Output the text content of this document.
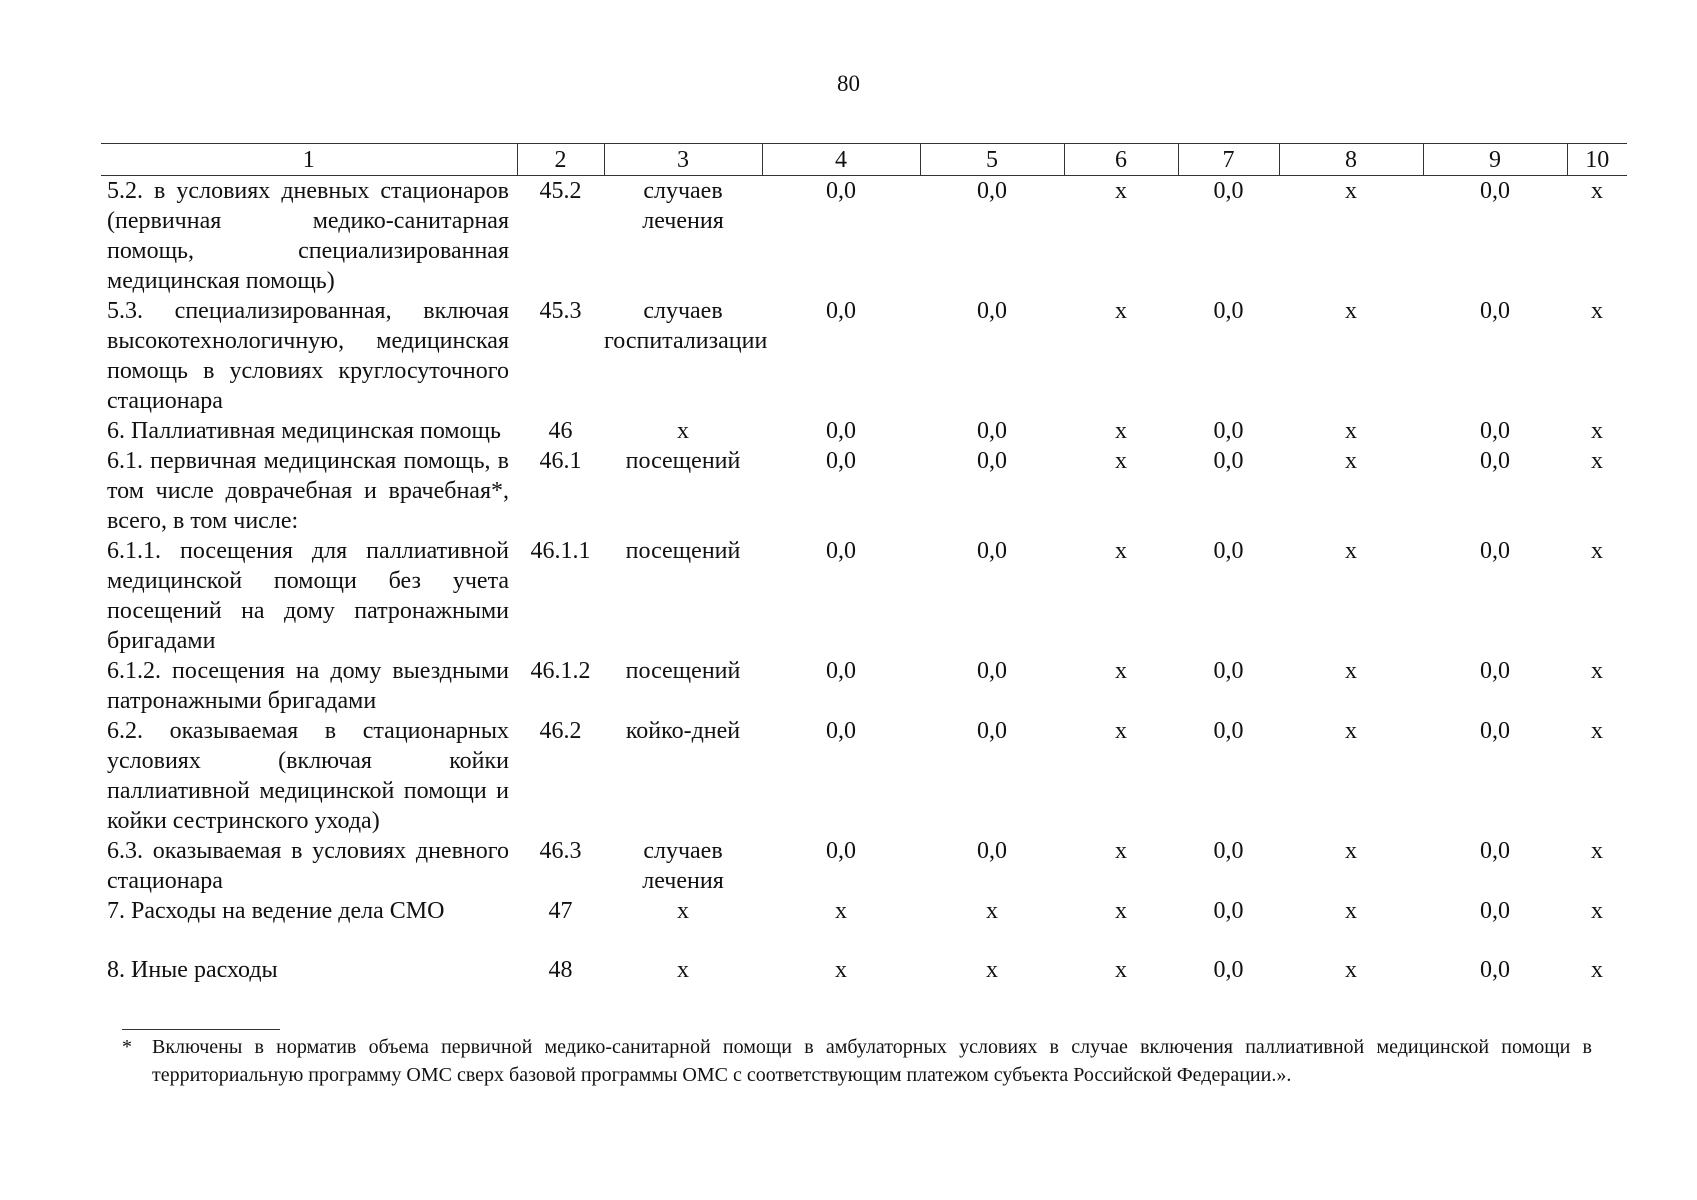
80
1	2	3	4	5	6	7	8	9	10
5.2. в условиях дневных стационаров (первичная медико-санитарная помощь, специализированная медицинская помощь)	45.2	случаев лечения	0,0	0,0	х	0,0	х	0,0	х
5.3. специализированная, включая высокотехнологичную, медицинская помощь в условиях круглосуточного стационара	45.3	случаев госпитализации	0,0	0,0	х	0,0	х	0,0	х
6. Паллиативная медицинская помощь	46	х	0,0	0,0	х	0,0	х	0,0	х
6.1. первичная медицинская помощь, в том числе доврачебная и врачебная*, всего, в том числе:	46.1	посещений	0,0	0,0	х	0,0	х	0,0	х
6.1.1. посещения для паллиативной медицинской помощи без учета посещений на дому патронажными бригадами	46.1.1	посещений	0,0	0,0	х	0,0	х	0,0	х
6.1.2. посещения на дому выездными патронажными бригадами	46.1.2	посещений	0,0	0,0	х	0,0	х	0,0	х
6.2. оказываемая в стационарных условиях (включая койки паллиативной медицинской помощи и койки сестринского ухода)	46.2	койко-дней	0,0	0,0	х	0,0	х	0,0	х
6.3. оказываемая в условиях дневного стационара	46.3	случаев лечения	0,0	0,0	х	0,0	х	0,0	х
7. Расходы на ведение дела СМО	47	х	х	х	х	0,0	х	0,0	х

8. Иные расходы	48	х	х	х	х	0,0	х	0,0	х
*	Включены в норматив объема первичной медико-санитарной помощи в амбулаторных условиях в случае включения паллиативной медицинской помощи в территориальную программу ОМС сверх базовой программы ОМС с соответствующим платежом субъекта Российской Федерации.».
